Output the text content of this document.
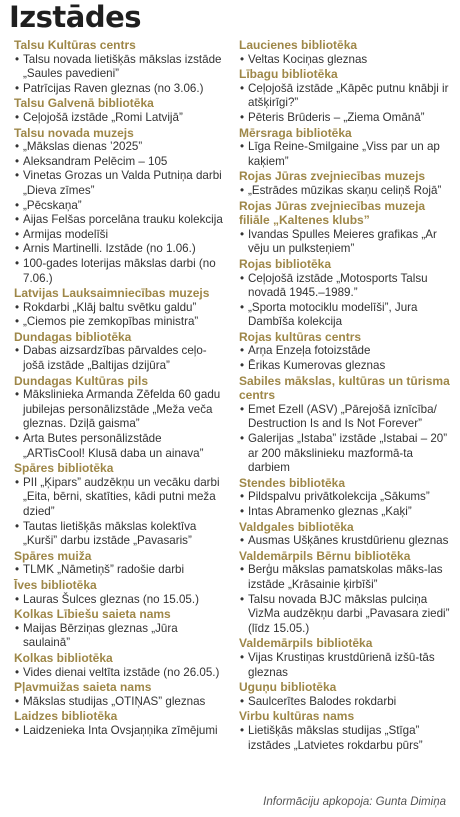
Izstādes
Talsu Kultūras centrs
• Talsu novada lietišķās mākslas izstāde „Saules pavedieni”
• Patrīcijas Raven gleznas (no 3.06.)
Talsu Galvenā bibliotēka
• Ceļojošā izstāde „Romi Latvijā”
Talsu novada muzejs
• „Mākslas dienas ’2025”
• Aleksandram Pelēcim – 105
• Vinetas Grozas un Valda Putniņa darbi „Dieva zīmes”
• „Pēcskaņa”
• Aijas Felšas porcelāna trauku kolekcija
• Armijas modelīši
• Arnis Martinelli. Izstāde (no 1.06.)
• 100-gades loterijas mākslas darbi (no 7.06.)
Latvijas Lauksaimniecības muzejs
• Rokdarbi „Klāj baltu svētku galdu”
• „Ciemos pie zemkopības ministra”
Dundagas bibliotēka
• Dabas aizsardzības pārvaldes ceļo-jošā izstāde „Baltijas dzijūra”
Dundagas Kultūras pils
• Mākslinieka Armanda Zēfelda 60 gadu jubilejas personālizstāde „Meža veča gleznas. Dziļā gaisma”
• Arta Butes personālizstāde „ARTisCool! Klusā daba un ainava”
Spāres bibliotēka
• PII „Ķipars” audzēkņu un vecāku darbi „Eita, bērni, skatīties, kādi putni meža dzied”
• Tautas lietišķās mākslas kolektīva „Kurši” darbu izstāde „Pavasaris”
Spāres muiža
• TLMK „Nāmetiņš” radošie darbi
Īves bibliotēka
• Lauras Šulces gleznas (no 15.05.)
Kolkas Lībiešu saieta nams
• Maijas Bērziņas gleznas „Jūra saulainā”
Kolkas bibliotēka
• Vides dienai veltīta izstāde (no 26.05.)
Pļavmuižas saieta nams
• Mākslas studijas „OTIŅAS” gleznas
Laidzes bibliotēka
• Laidzenieka Inta Ovsjaņņika zīmējumi
Laucienes bibliotēka
• Veltas Kociņas gleznas
Lībagu bibliotēka
• Ceļojošā izstāde „Kāpēc putnu knābji ir atšķirīgi?”
• Pēteris Brūderis – „Ziema Omānā”
Mērsraga bibliotēka
• Līga Reine-Smilgaine „Viss par un ap kaķiem”
Rojas Jūras zvejniecības muzejs
• „Estrādes mūzikas skaņu celiņš Rojā”
Rojas Jūras zvejniecības muzeja filiāle „Kaltenes klubs”
• Ivandas Spulles Meieres grafikas „Ar vēju un pulksteņiem”
Rojas bibliotēka
• Ceļojošā izstāde „Motosports Talsu novadā 1945.–1989.”
• „Sporta motociklu modelīši”, Jura Dambīša kolekcija
Rojas kultūras centrs
• Arņa Enzeļa fotoizstāde
• Ērikas Kumerovas gleznas
Sabiles mākslas, kultūras un tūrisma centrs
• Emet Ezell (ASV) „Pārejošā iznīcība/ Destruction Is and Is Not Forever”
• Galerijas „Istaba” izstāde „Istabai – 20” ar 200 mākslinieku mazformā-ta darbiem
Stendes bibliotēka
• Pildspalvu privātkolekcija „Sākums”
• Intas Abramenko gleznas „Kaķi”
Valdgales bibliotēka
• Ausmas Ušķānes krustdūrienu gleznas
Valdemārpils Bērnu bibliotēka
• Berģu mākslas pamatskolas māks-las izstāde „Krāsainie ķirbīši”
• Talsu novada BJC mākslas pulciņa VizMa audzēkņu darbi „Pavasara ziedi” (līdz 15.05.)
Valdemārpils bibliotēka
• Vijas Krustiņas krustdūrienā izšū-tās gleznas
Uguņu bibliotēka
• Saulcerītes Balodes rokdarbi
Virbu kultūras nams
• Lietišķās mākslas studijas „Stīga” izstādes „Latvietes rokdarbu pūrs”
Informāciju apkopoja: Gunta Dimiņa
